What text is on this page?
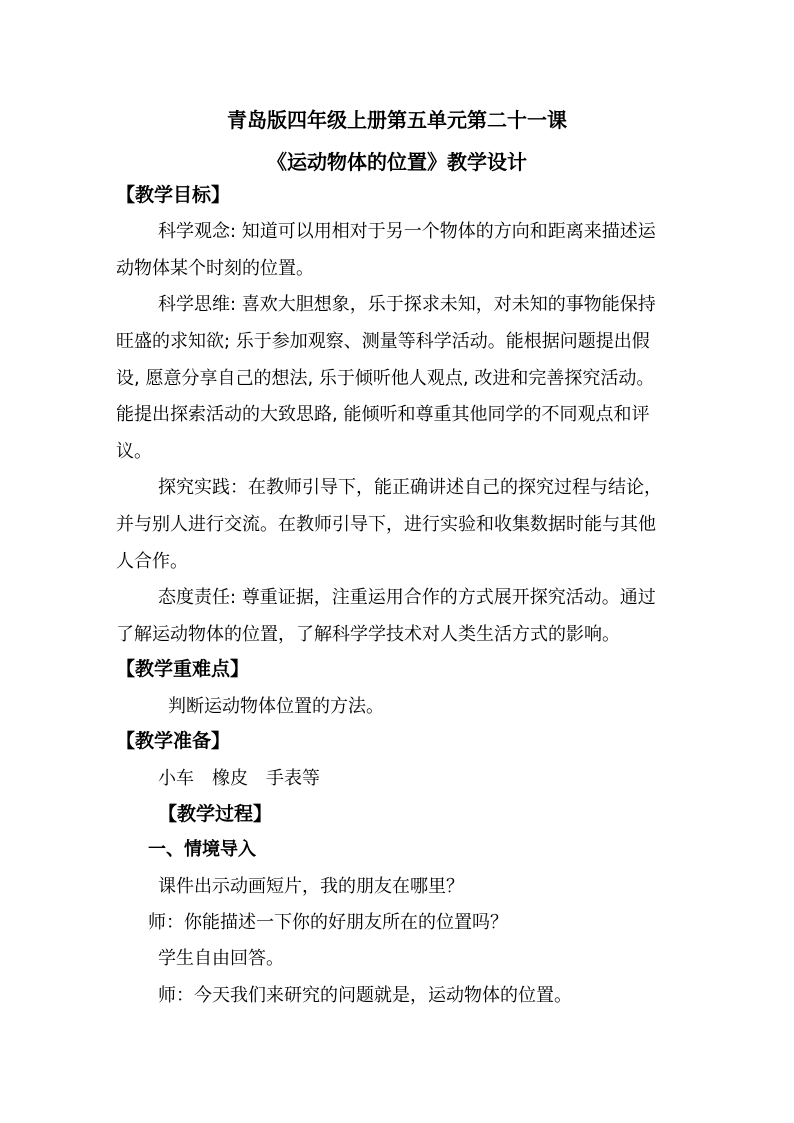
青岛版四年级上册第五单元第二十一课
《运动物体的位置》教学设计
【教学目标】
科学观念: 知道可以用相对于另一个物体的方向和距离来描述运
动物体某个时刻的位置。
科学思维: 喜欢大胆想象，乐于探求未知，对未知的事物能保持
旺盛的求知欲; 乐于参加观察、测量等科学活动。能根据问题提出假
设, 愿意分享自己的想法, 乐于倾听他人观点, 改进和完善探究活动。
能提出探索活动的大致思路, 能倾听和尊重其他同学的不同观点和评
议。
探究实践：在教师引导下，能正确讲述自己的探究过程与结论，
并与别人进行交流。在教师引导下，进行实验和收集数据时能与其他
人合作。
态度责任: 尊重证据，注重运用合作的方式展开探究活动。通过
了解运动物体的位置，了解科学学技术对人类生活方式的影响。
【教学重难点】
判断运动物体位置的方法。
【教学准备】
小车　橡皮　手表等
【教学过程】
一、情境导入
课件出示动画短片，我的朋友在哪里？
师：你能描述一下你的好朋友所在的位置吗？
学生自由回答。
师：今天我们来研究的问题就是，运动物体的位置。
